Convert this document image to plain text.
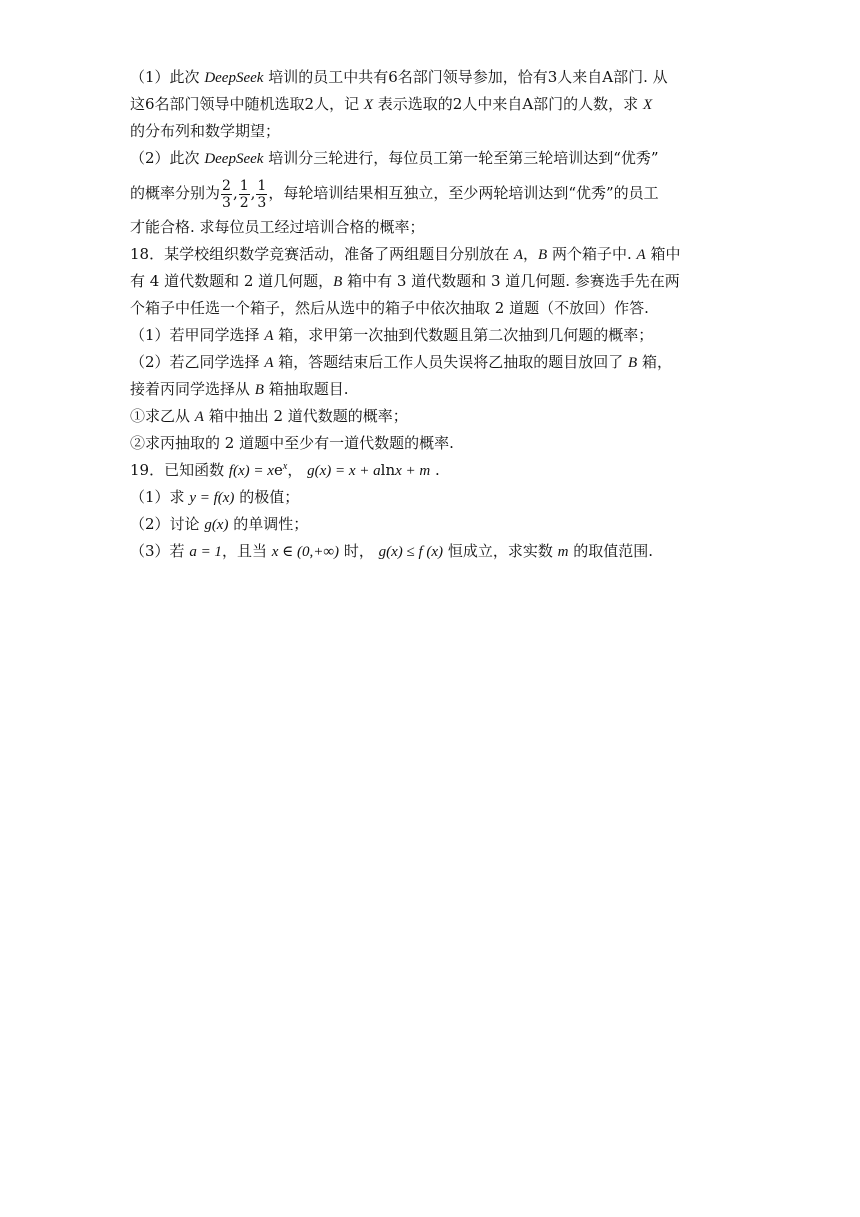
（1）此次 DeepSeek 培训的员工中共有6名部门领导参加，恰有3人来自A部门. 从
这6名部门领导中随机选取2人，记 X 表示选取的2人中来自A部门的人数，求 X
的分布列和数学期望；
（2）此次 DeepSeek 培训分三轮进行，每位员工第一轮至第三轮培训达到“优秀”
的概率分别为 $\frac{2}{3}$ , $\frac{1}{2}$ , $\frac{1}{3}$ ，每轮培训结果相互独立，至少两轮培训达到“优秀”的员工
才能合格. 求每位员工经过培训合格的概率；
18．某学校组织数学竞赛活动，准备了两组题目分别放在 A，B 两个箱子中. A 箱中
有 4 道代数题和 2 道几何题，B 箱中有 3 道代数题和 3 道几何题. 参赛选手先在两
个箱子中任选一个箱子，然后从选中的箱子中依次抽取 2 道题（不放回）作答.
（1）若甲同学选择 A 箱，求甲第一次抽到代数题且第二次抽到几何题的概率；
（2）若乙同学选择 A 箱，答题结束后工作人员失误将乙抽取的题目放回了 B 箱，
接着丙同学选择从 B 箱抽取题目.
①求乙从 A 箱中抽出 2 道代数题的概率；
②求丙抽取的 2 道题中至少有一道代数题的概率.
19．已知函数 $f(x) = xe^x$， g(x) = x + alnx + m .
（1）求 y = f(x) 的极值；
（2）讨论 g(x) 的单调性；
（3）若 a = 1，且当 x ∈ (0,+∞) 时， g(x) ≤ f (x) 恒成立，求实数 m 的取值范围.
